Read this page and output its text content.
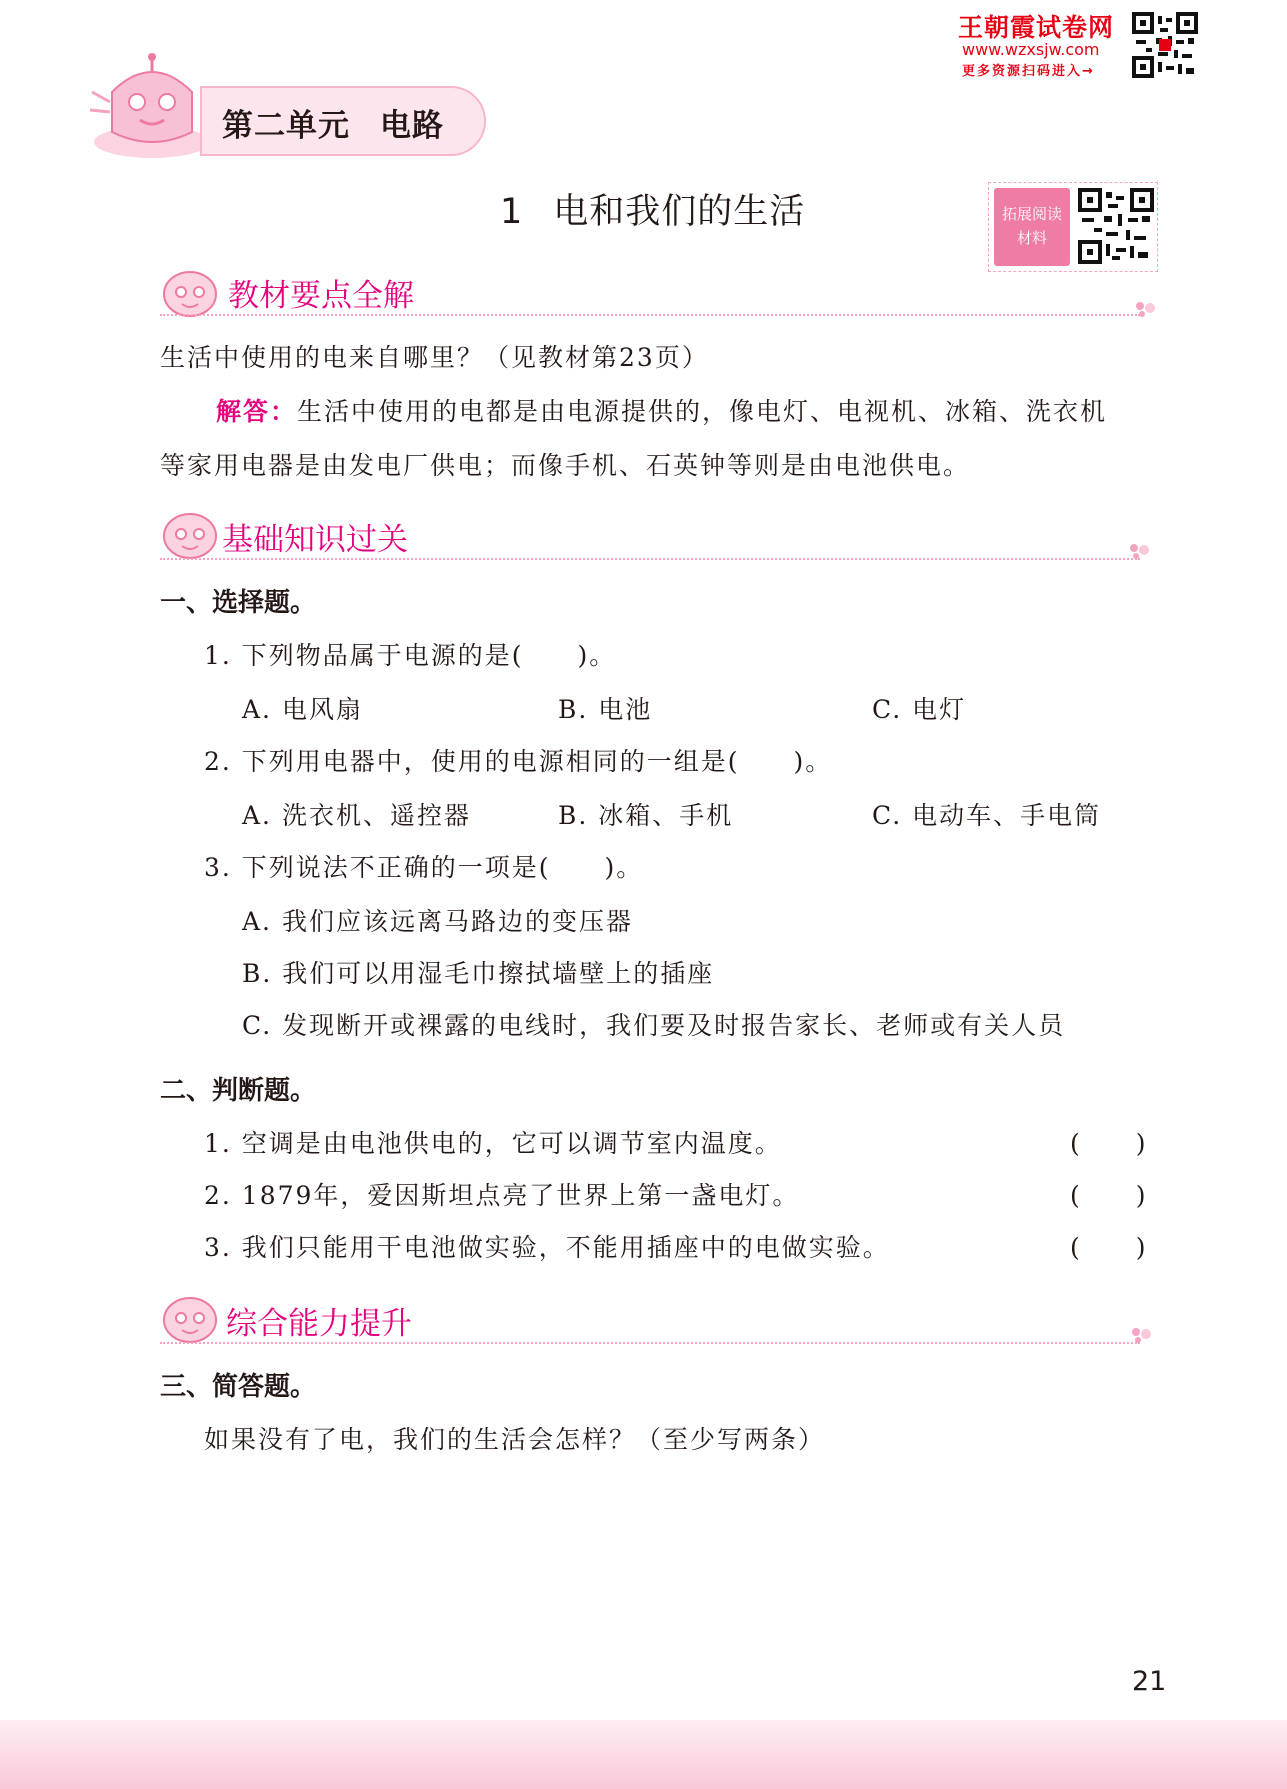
王朝霞试卷网
www.wzxsjw.com
更多资源扫码进入→
第二单元 电路
1 电和我们的生活	拓展阅读
材料
教材要点全解
生活中使用的电来自哪里？（见教材第23页）
解答：生活中使用的电都是由电源提供的，像电灯、电视机、冰箱、洗衣机
等家用电器是由发电厂供电；而像手机、石英钟等则是由电池供电。
基础知识过关
一、选择题。
1. 下列物品属于电源的是(　　)。
A. 电风扇	B. 电池	C. 电灯
2. 下列用电器中，使用的电源相同的一组是(　　)。
A. 洗衣机、遥控器	B. 冰箱、手机	C. 电动车、手电筒
3. 下列说法不正确的一项是(　　)。
A. 我们应该远离马路边的变压器
B. 我们可以用湿毛巾擦拭墙壁上的插座
C. 发现断开或裸露的电线时，我们要及时报告家长、老师或有关人员
二、判断题。
1. 空调是由电池供电的，它可以调节室内温度。	(　　)
2. 1879年，爱因斯坦点亮了世界上第一盏电灯。	(　　)
3. 我们只能用干电池做实验，不能用插座中的电做实验。	(　　)
综合能力提升
三、简答题。
如果没有了电，我们的生活会怎样？（至少写两条）
21
